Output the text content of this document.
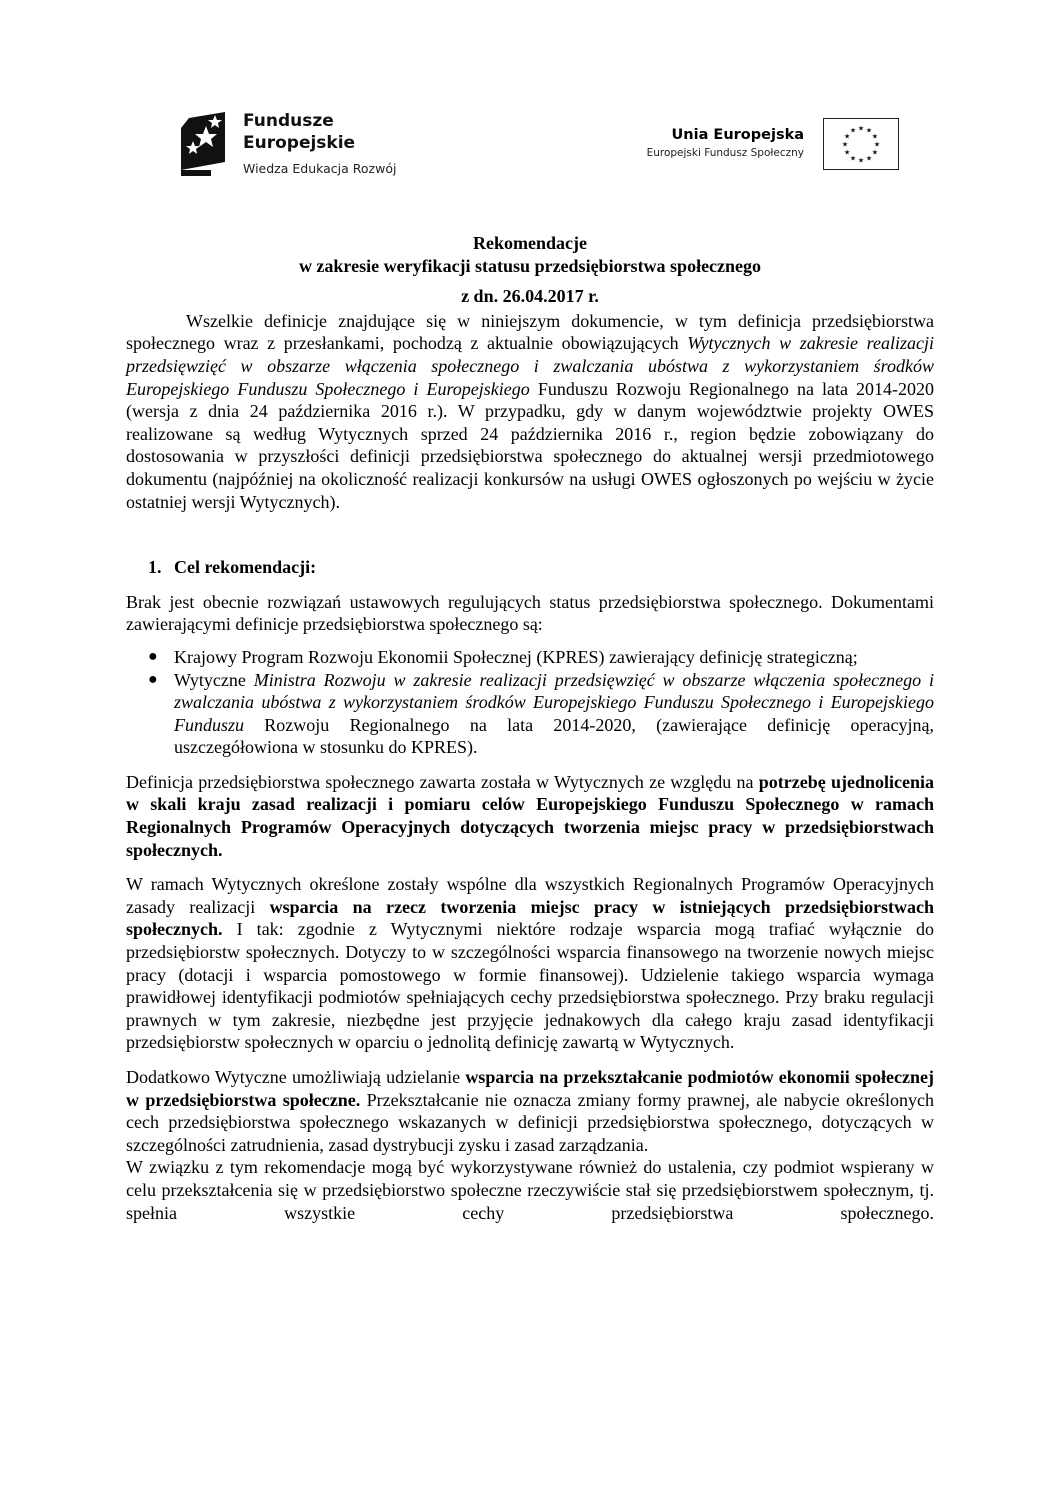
Fundusze
Europejskie
Wiedza Edukacja Rozwój
Unia Europejska
Europejski Fundusz Społeczny
★ ★
★
★
★
★
★
★
★
★
★
★
Rekomendacje
w zakresie weryfikacji statusu przedsiębiorstwa społecznego
z dn. 26.04.2017 r.

Wszelkie definicje znajdujące się w niniejszym dokumencie, w tym definicja przedsiębiorstwa społecznego wraz z przesłankami, pochodzą z aktualnie obowiązujących Wytycznych w zakresie realizacji przedsięwzięć w obszarze włączenia społecznego i zwalczania ubóstwa z wykorzystaniem środków Europejskiego Funduszu Społecznego i Europejskiego Funduszu Rozwoju Regionalnego na lata 2014-2020 (wersja z dnia 24 października 2016 r.). W przypadku, gdy w danym województwie projekty OWES realizowane są według Wytycznych sprzed 24 października 2016 r., region będzie zobowiązany do dostosowania w przyszłości definicji przedsiębiorstwa społecznego do aktualnej wersji przedmiotowego dokumentu (najpóźniej na okoliczność realizacji konkursów na usługi OWES ogłoszonych po wejściu w życie ostatniej wersji Wytycznych).

1. Cel rekomendacji:

Brak jest obecnie rozwiązań ustawowych regulujących status przedsiębiorstwa społecznego. Dokumentami zawierającymi definicje przedsiębiorstwa społecznego są:

● Krajowy Program Rozwoju Ekonomii Społecznej (KPRES) zawierający definicję strategiczną;
● Wytyczne Ministra Rozwoju w zakresie realizacji przedsięwzięć w obszarze włączenia społecznego i zwalczania ubóstwa z wykorzystaniem środków Europejskiego Funduszu Społecznego i Europejskiego Funduszu Rozwoju Regionalnego na lata 2014-2020, (zawierające definicję operacyjną, uszczegółowiona w stosunku do KPRES).

Definicja przedsiębiorstwa społecznego zawarta została w Wytycznych ze względu na potrzebę ujednolicenia w skali kraju zasad realizacji i pomiaru celów Europejskiego Funduszu Społecznego w ramach Regionalnych Programów Operacyjnych dotyczących tworzenia miejsc pracy w przedsiębiorstwach społecznych.

W ramach Wytycznych określone zostały wspólne dla wszystkich Regionalnych Programów Operacyjnych zasady realizacji wsparcia na rzecz tworzenia miejsc pracy w istniejących przedsiębiorstwach społecznych. I tak: zgodnie z Wytycznymi niektóre rodzaje wsparcia mogą trafiać wyłącznie do przedsiębiorstw społecznych. Dotyczy to w szczególności wsparcia finansowego na tworzenie nowych miejsc pracy (dotacji i wsparcia pomostowego w formie finansowej). Udzielenie takiego wsparcia wymaga prawidłowej identyfikacji podmiotów spełniających cechy przedsiębiorstwa społecznego. Przy braku regulacji prawnych w tym zakresie, niezbędne jest przyjęcie jednakowych dla całego kraju zasad identyfikacji przedsiębiorstw społecznych w oparciu o jednolitą definicję zawartą w Wytycznych.

Dodatkowo Wytyczne umożliwiają udzielanie wsparcia na przekształcanie podmiotów ekonomii społecznej w przedsiębiorstwa społeczne. Przekształcanie nie oznacza zmiany formy prawnej, ale nabycie określonych cech przedsiębiorstwa społecznego wskazanych w definicji przedsiębiorstwa społecznego, dotyczących w szczególności zatrudnienia, zasad dystrybucji zysku i zasad zarządzania.

W związku z tym rekomendacje mogą być wykorzystywane również do ustalenia, czy podmiot wspierany w celu przekształcenia się w przedsiębiorstwo społeczne rzeczywiście stał się przedsiębiorstwem społecznym, tj. spełnia wszystkie cechy przedsiębiorstwa społecznego.
